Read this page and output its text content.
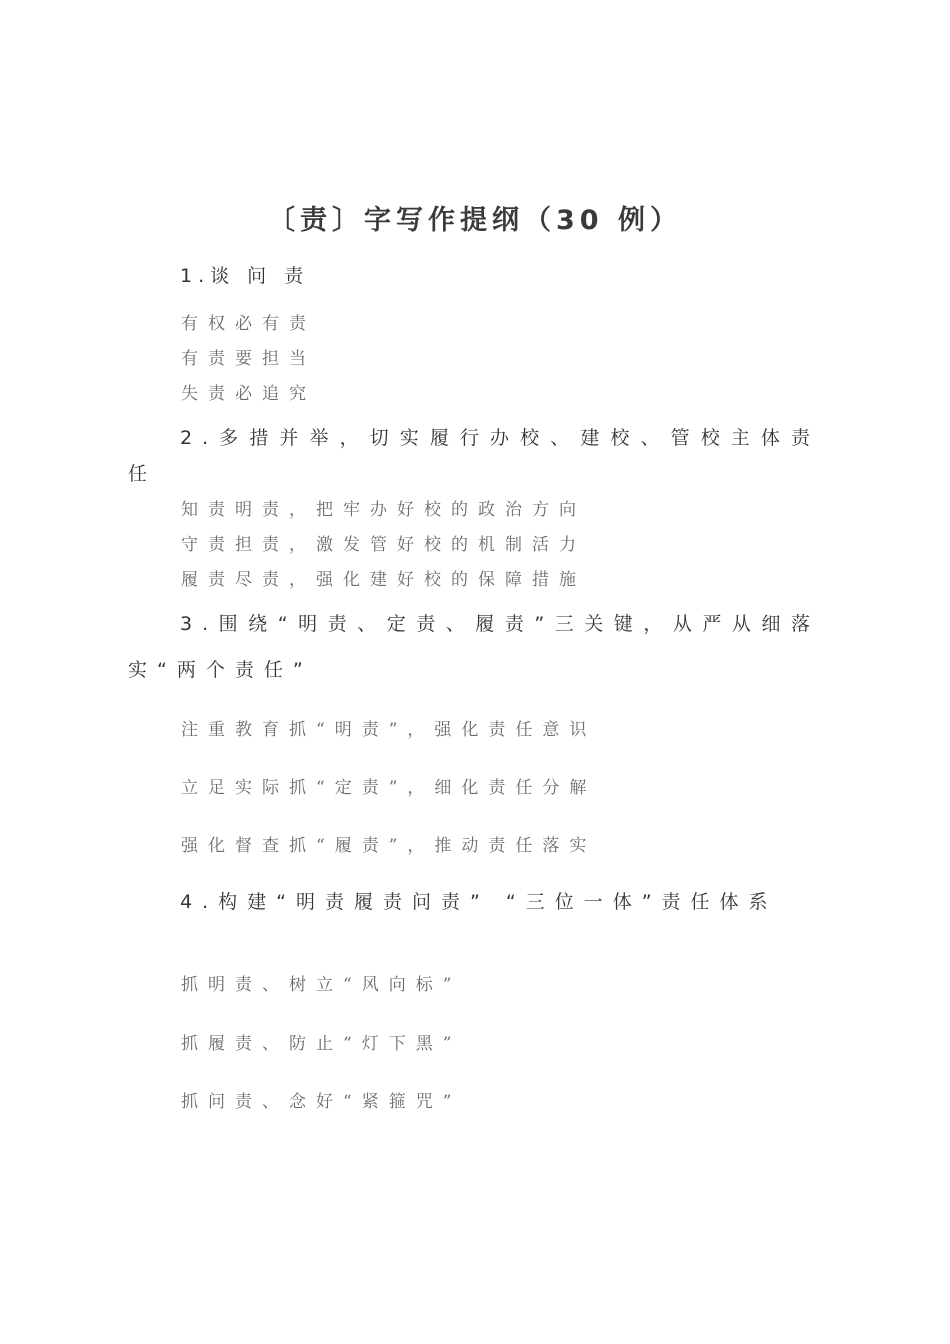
〔责〕字写作提纲（30 例）

1.谈 问 责

有权必有责

有责要担当

失责必追究

2.多措并举，切实履行办校、建校、管校主体责任

知责明责，把牢办好校的政治方向

守责担责，激发管好校的机制活力

履责尽责，强化建好校的保障措施

3.围绕“明责、定责、履责”三关键，从严从细落实“两个责任”

注重教育抓“明责”，强化责任意识

立足实际抓“定责”，细化责任分解

强化督查抓“履责”，推动责任落实

4.构建“明责履责问责” “三位一体”责任体系

抓明责、树立“风向标”

抓履责、防止“灯下黑”

抓问责、念好“紧箍咒”
